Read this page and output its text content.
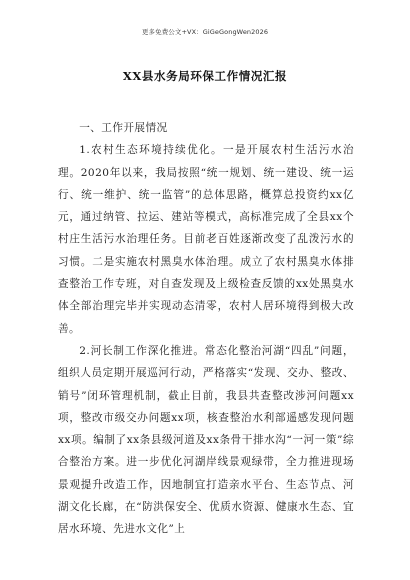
更多免费公文+VX：GiGeGongWen2026
XX县水务局环保工作情况汇报

一、工作开展情况

1.农村生态环境持续优化。一是开展农村生活污水治理。2020年以来，我局按照“统一规划、统一建设、统一运行、统一维护、统一监管”的总体思路，概算总投资约xx亿元，通过纳管、拉运、建站等模式，高标准完成了全县xx个村庄生活污水治理任务。目前老百姓逐渐改变了乱泼污水的习惯。二是实施农村黑臭水体治理。成立了农村黑臭水体排查整治工作专班，对自查发现及上级检查反馈的xx处黑臭水体全部治理完毕并实现动态清零，农村人居环境得到极大改善。

2.河长制工作深化推进。常态化整治河湖“四乱”问题，组织人员定期开展巡河行动，严格落实“发现、交办、整改、销号”闭环管理机制，截止目前，我县共查整改涉河问题xx项，整改市级交办问题xx项，核查整治水利部遥感发现问题xx项。编制了xx条县级河道及xx条骨干排水沟“一河一策”综合整治方案。进一步优化河湖岸线景观绿带，全力推进现场景观提升改造工作，因地制宜打造亲水平台、生态节点、河湖文化长廊，在“防洪保安全、优质水资源、健康水生态、宜居水环境、先进水文化”上
